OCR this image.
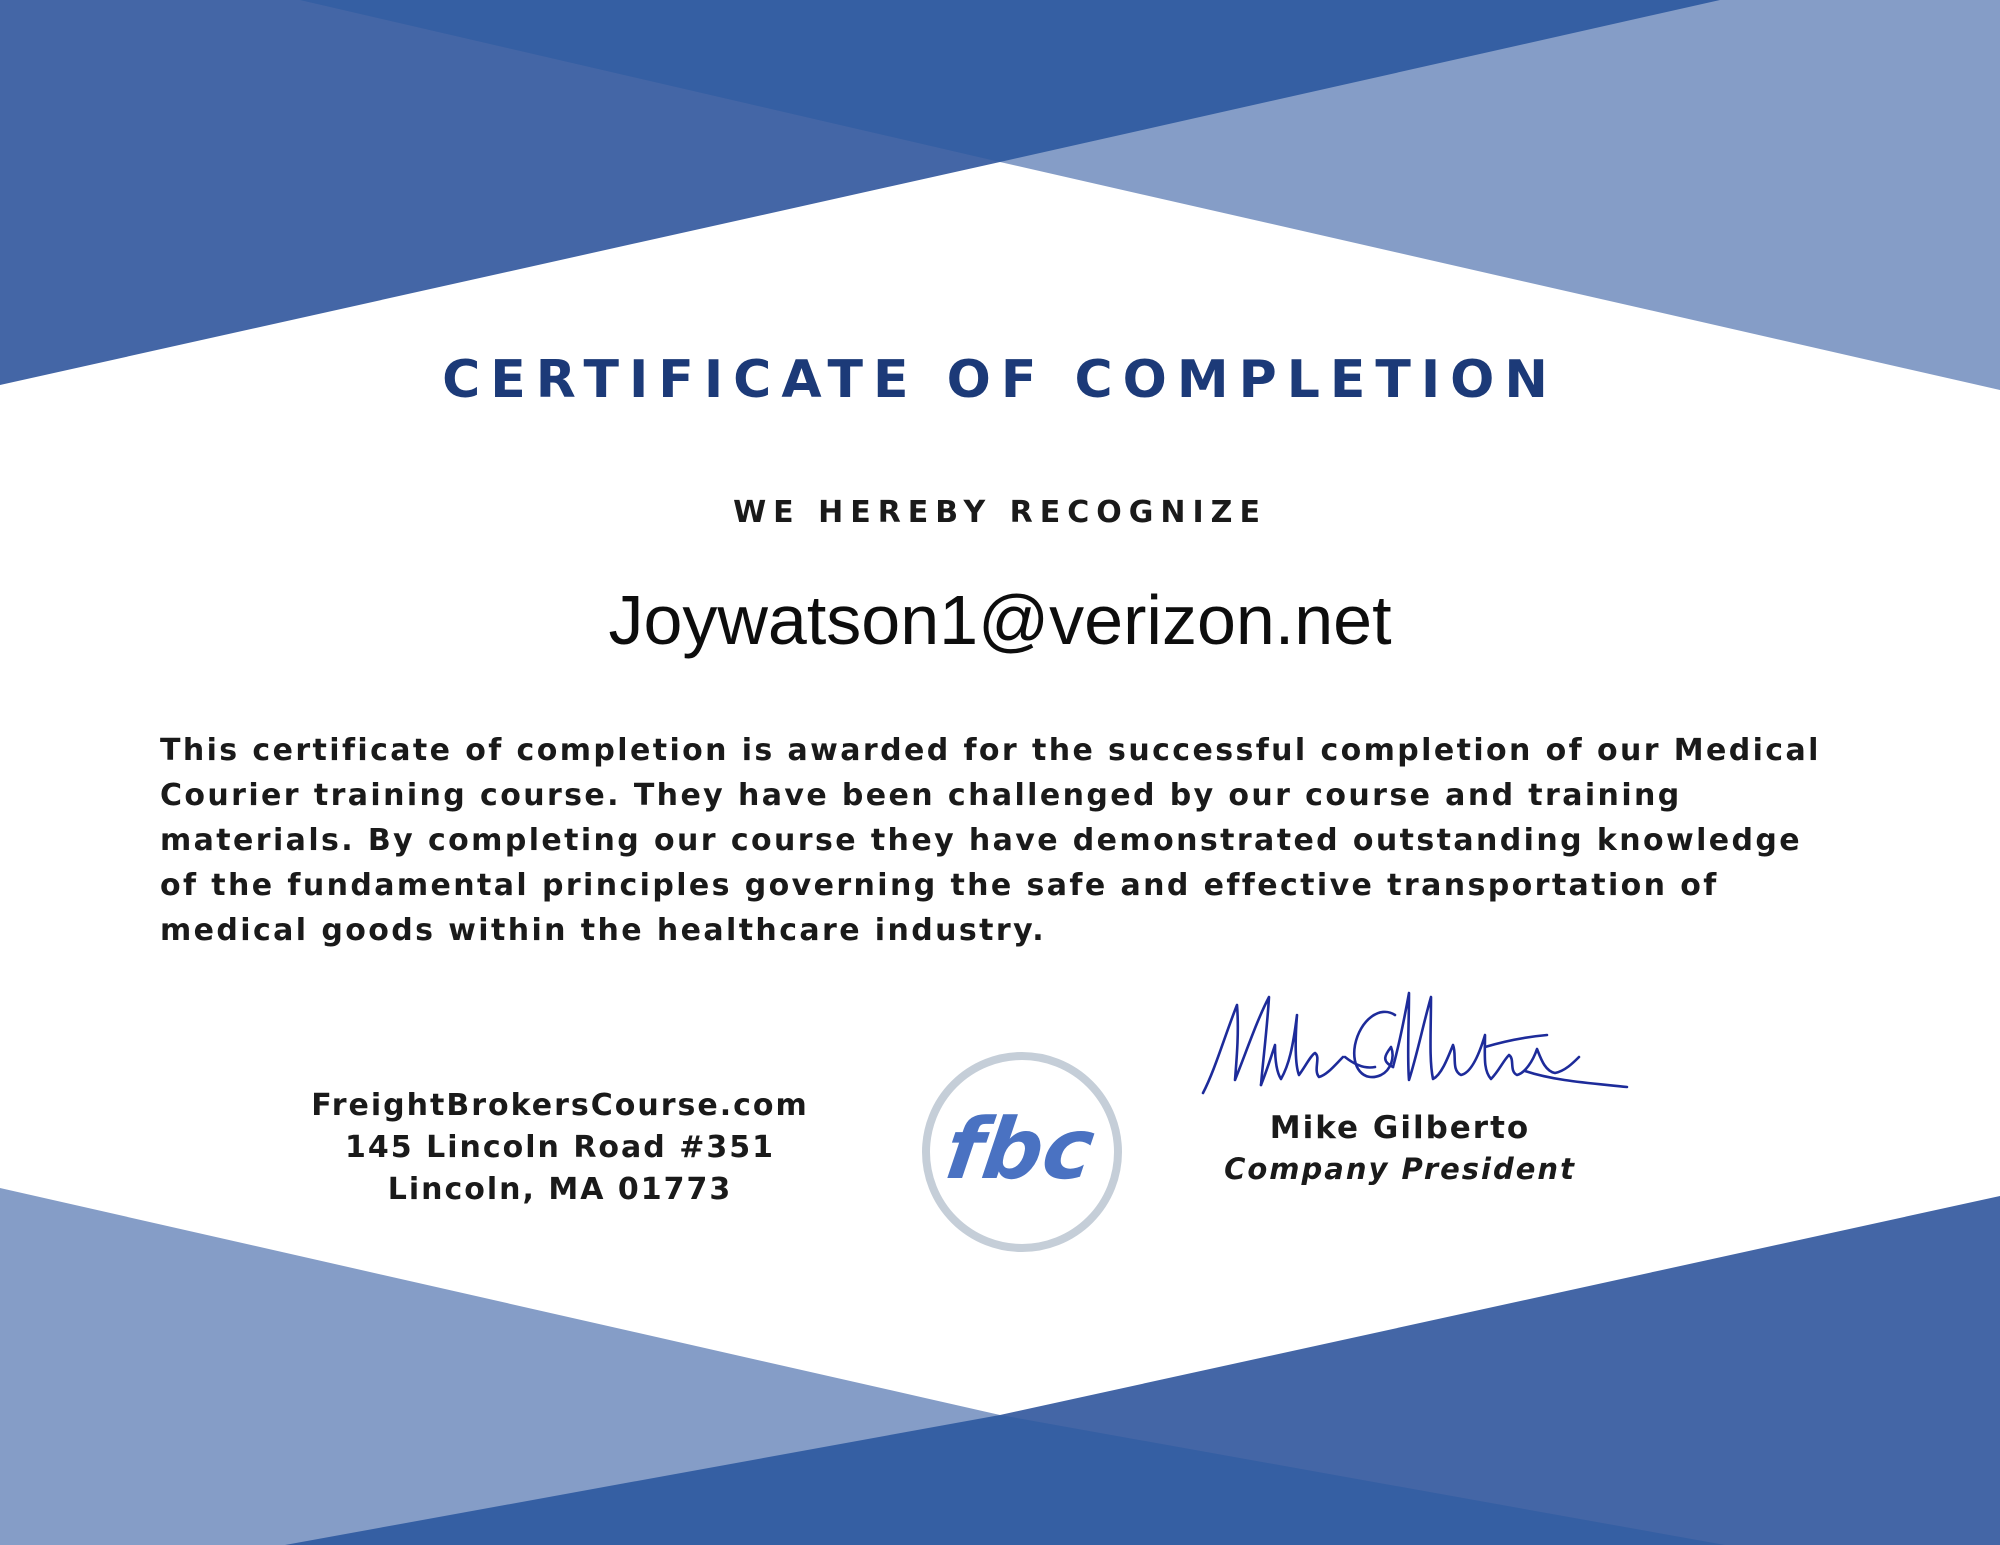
CERTIFICATE OF COMPLETION
WE HEREBY RECOGNIZE
Joywatson1@verizon.net
This certificate of completion is awarded for the successful completion of our Medical Courier training course. They have been challenged by our course and training materials. By completing our course they have demonstrated outstanding knowledge of the fundamental principles governing the safe and effective transportation of medical goods within the healthcare industry.
FreightBrokersCourse.com
145 Lincoln Road #351
Lincoln, MA 01773	fbc	Mike Gilberto
Company President
